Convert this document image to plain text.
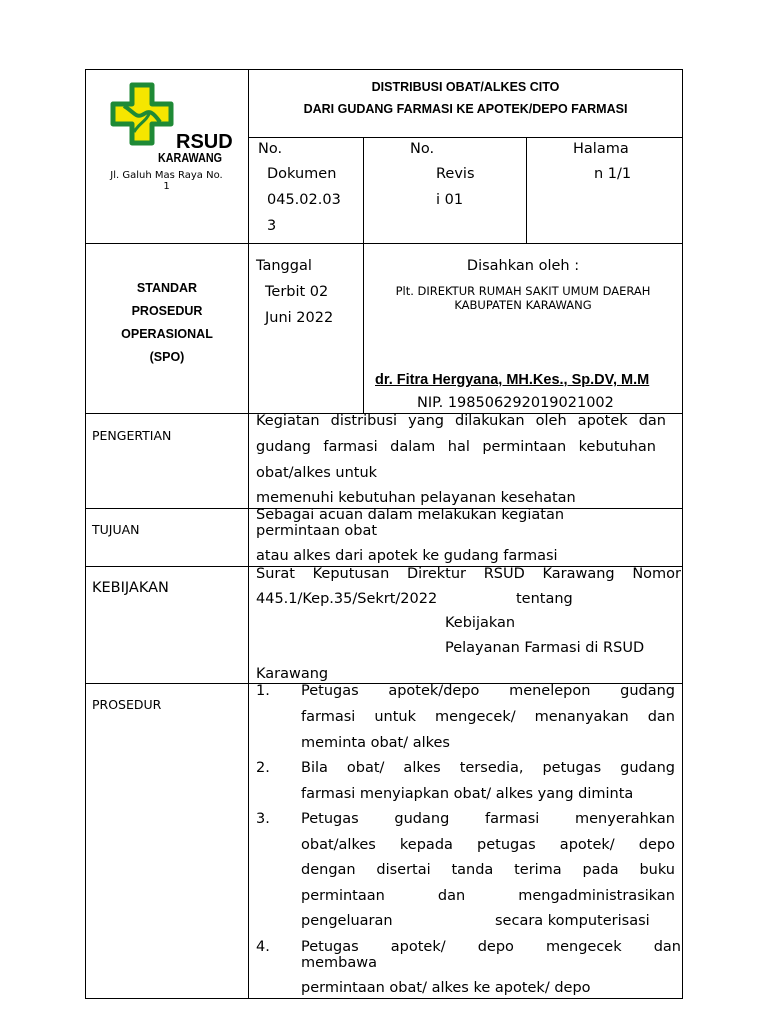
RSUD
KARAWANG
Jl. Galuh Mas Raya No.
1
DISTRIBUSI OBAT/ALKES CITO
DARI GUDANG FARMASI KE APOTEK/DEPO FARMASI
No.
Dokumen
045.02.03
3
No.
Revis
i 01
Halama
n 1/1
STANDAR
PROSEDUR
OPERASIONAL
(SPO)
Tanggal
Terbit 02
Juni 2022
Disahkan oleh :
Plt. DIREKTUR RUMAH SAKIT UMUM DAERAH
KABUPATEN KARAWANG
dr. Fitra Hergyana, MH.Kes., Sp.DV, M.M
NIP. 198506292019021002
PENGERTIAN
Kegiatan distribusi yang dilakukan oleh apotek dan
gudang farmasi dalam hal permintaan kebutuhan
obat/alkes untuk
memenuhi kebutuhan pelayanan kesehatan
TUJUAN
Sebagai acuan dalam melakukan kegiatan
permintaan obat
atau alkes dari apotek ke gudang farmasi
KEBIJAKAN
Surat Keputusan Direktur RSUD Karawang Nomor
445.1/Kep.35/Sekrt/2022	tentang
Kebijakan
Pelayanan Farmasi di RSUD
Karawang
PROSEDUR
1. Petugas apotek/depo menelepon gudang
farmasi untuk mengecek/ menanyakan dan
meminta obat/ alkes
2. Bila obat/ alkes tersedia, petugas gudang
farmasi menyiapkan obat/ alkes yang diminta
3. Petugas gudang farmasi menyerahkan
obat/alkes kepada petugas apotek/ depo
dengan disertai tanda terima pada buku
permintaan dan mengadministrasikan
pengeluaran	secara komputerisasi
4. Petugas apotek/ depo mengecek dan
membawa
permintaan obat/ alkes ke apotek/ depo
